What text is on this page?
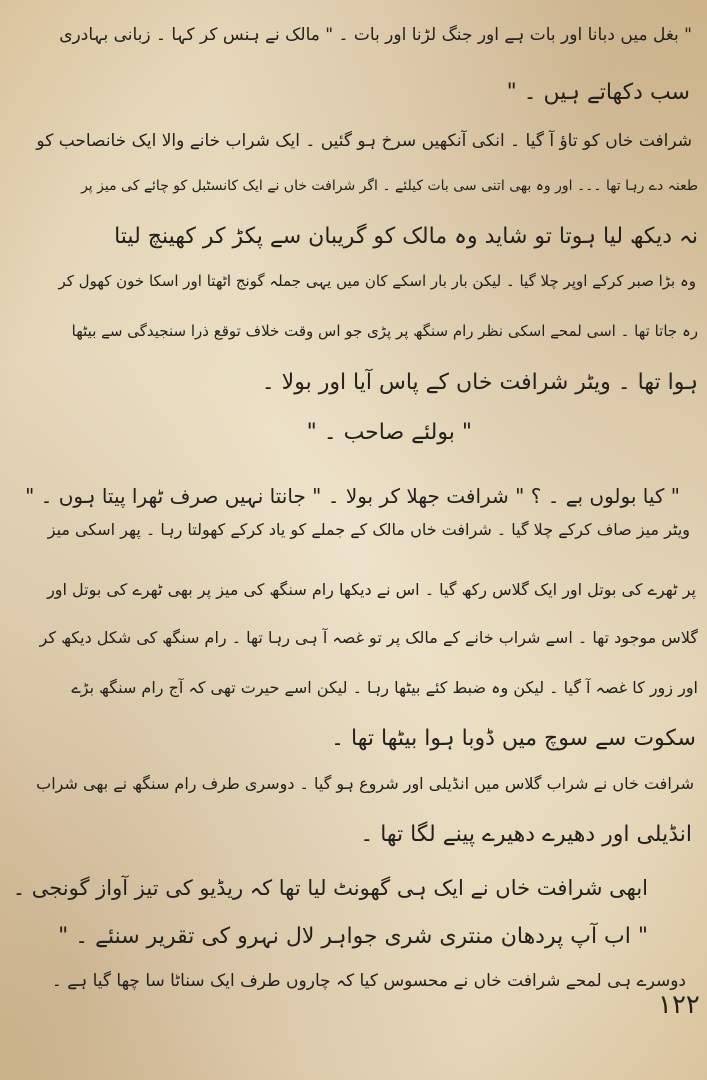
" بغل میں دبانا اور بات ہے اور جنگ لڑنا اور بات ۔ " مالک نے ہنس کر کہا ۔ زبانی بہادری
سب دکھاتے ہیں ۔ "
شرافت خاں کو تاؤ آ گیا ۔ انکی آنکھیں سرخ ہو گئیں ۔ ایک شراب خانے والا ایک خانصاحب کو
طعنہ دے رہا تھا ۔۔۔ اور وہ بھی اتنی سی بات کیلئے ۔ اگر شرافت خاں نے ایک کانسٹبل کو چائے کی میز پر
نہ دیکھ لیا ہوتا تو شاید وہ مالک کو گریبان سے پکڑ کر کھینچ لیتا
وہ بڑا صبر کرکے اوپر چلا گیا ۔ لیکن بار بار اسکے کان میں یہی جملہ گونج اٹھتا اور اسکا خون کھول کر
رہ جاتا تھا ۔ اسی لمحے اسکی نظر رام سنگھ پر پڑی جو اس وقت خلاف توقع ذرا سنجیدگی سے بیٹھا
ہوا تھا ۔ ویٹر شرافت خاں کے پاس آیا اور بولا ۔
" بولئے صاحب ۔ "
" کیا بولوں بے ۔ ؟ " شرافت جھلا کر بولا ۔ " جانتا نہیں صرف ٹھرا پیتا ہوں ۔ "
ویٹر میز صاف کرکے چلا گیا ۔ شرافت خاں مالک کے جملے کو یاد کرکے کھولتا رہا ۔ پھر اسکی میز
پر ٹھرے کی بوتل اور ایک گلاس رکھ گیا ۔ اس نے دیکھا رام سنگھ کی میز پر بھی ٹھرے کی بوتل اور
گلاس موجود تھا ۔ اسے شراب خانے کے مالک پر تو غصہ آ ہی رہا تھا ۔ رام سنگھ کی شکل دیکھ کر
اور زور کا غصہ آ گیا ۔ لیکن وہ ضبط کئے بیٹھا رہا ۔ لیکن اسے حیرت تھی کہ آج رام سنگھ بڑے
سکوت سے سوچ میں ڈوبا ہوا بیٹھا تھا ۔
شرافت خاں نے شراب گلاس میں انڈیلی اور شروع ہو گیا ۔ دوسری طرف رام سنگھ نے بھی شراب
انڈیلی اور دھیرے دھیرے پینے لگا تھا ۔
ابھی شرافت خاں نے ایک ہی گھونٹ لیا تھا کہ ریڈیو کی تیز آواز گونجی ۔
" اب آپ پردھان منتری شری جواہر لال نہرو کی تقریر سنئے ۔ "
دوسرے ہی لمحے شرافت خاں نے محسوس کیا کہ چاروں طرف ایک سناٹا سا چھا گیا ہے ۔
۱۲۲
